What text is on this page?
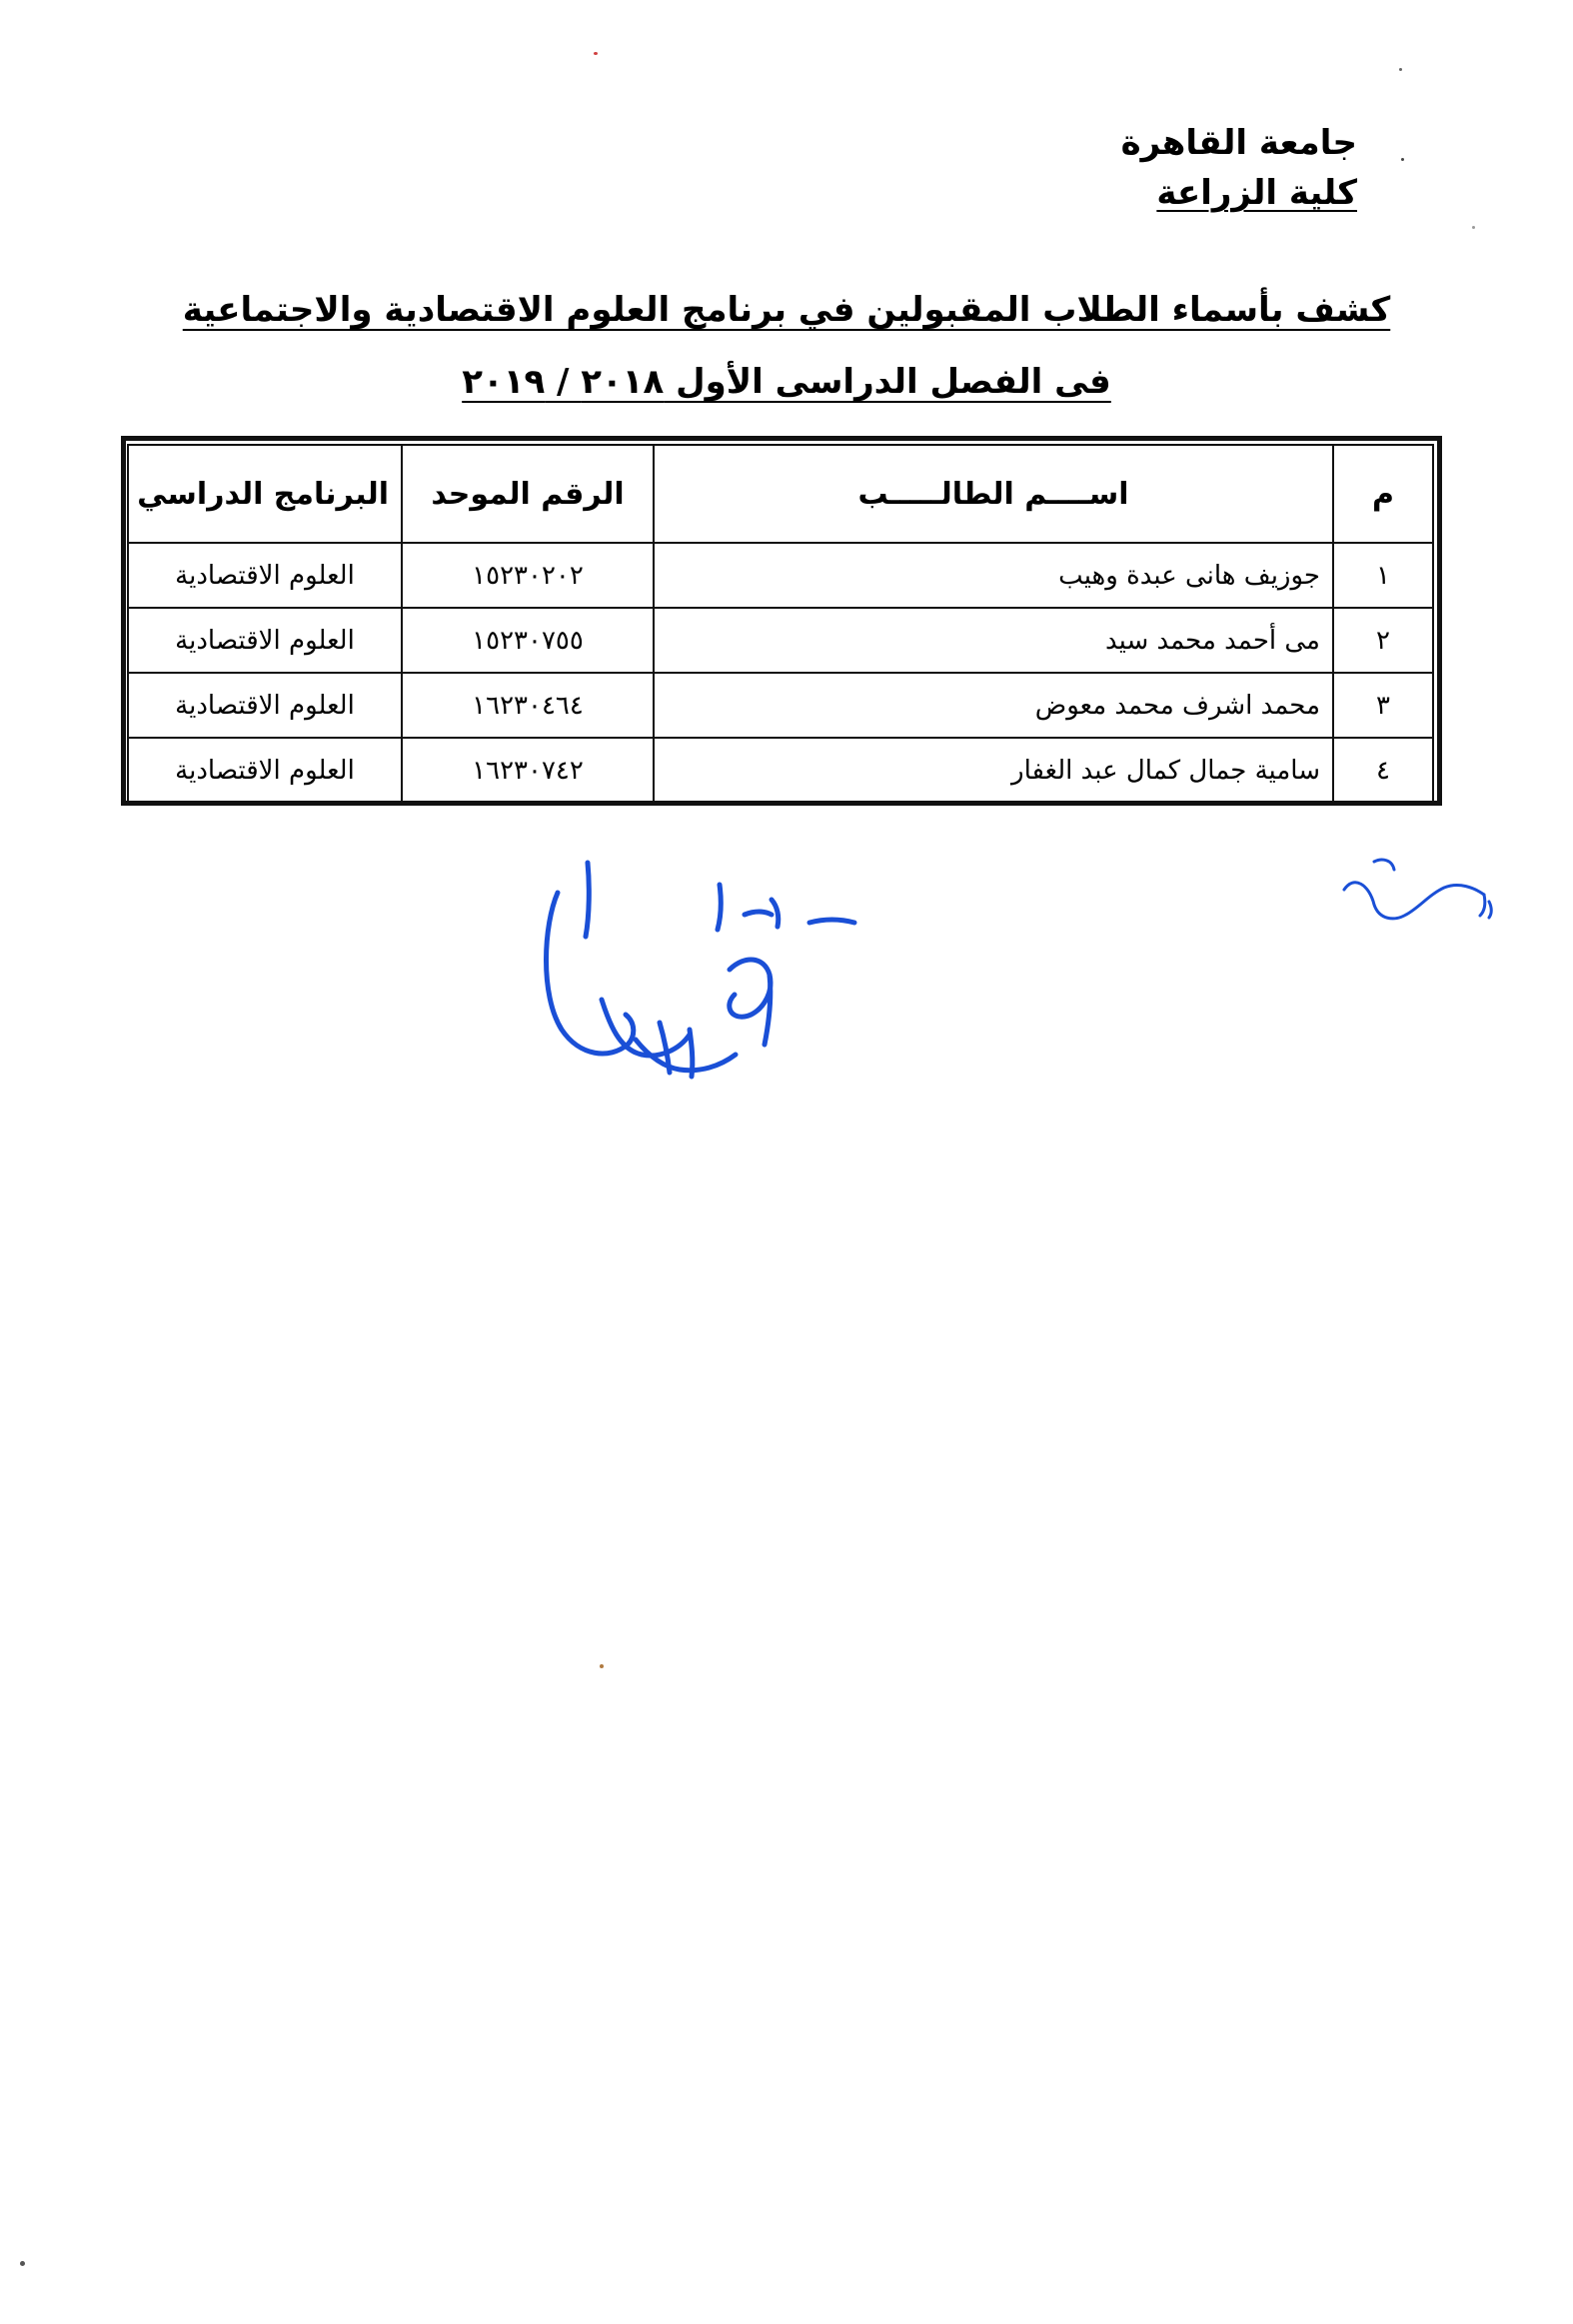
جامعة القاهرة
كلية الزراعة
كشف بأسماء الطلاب المقبولين في برنامج العلوم الاقتصادية والاجتماعية
فى الفصل الدراسى الأول ٢٠١٨ / ٢٠١٩
م	اســــم الطالـــــب	الرقم الموحد	البرنامج الدراسي
١	جوزيف هانى عبدة وهيب	١٥٢٣٠٢٠٢	العلوم الاقتصادية
٢	مى أحمد محمد سيد	١٥٢٣٠٧٥٥	العلوم الاقتصادية
٣	محمد اشرف محمد معوض	١٦٢٣٠٤٦٤	العلوم الاقتصادية
٤	سامية جمال كمال عبد الغفار	١٦٢٣٠٧٤٢	العلوم الاقتصادية
